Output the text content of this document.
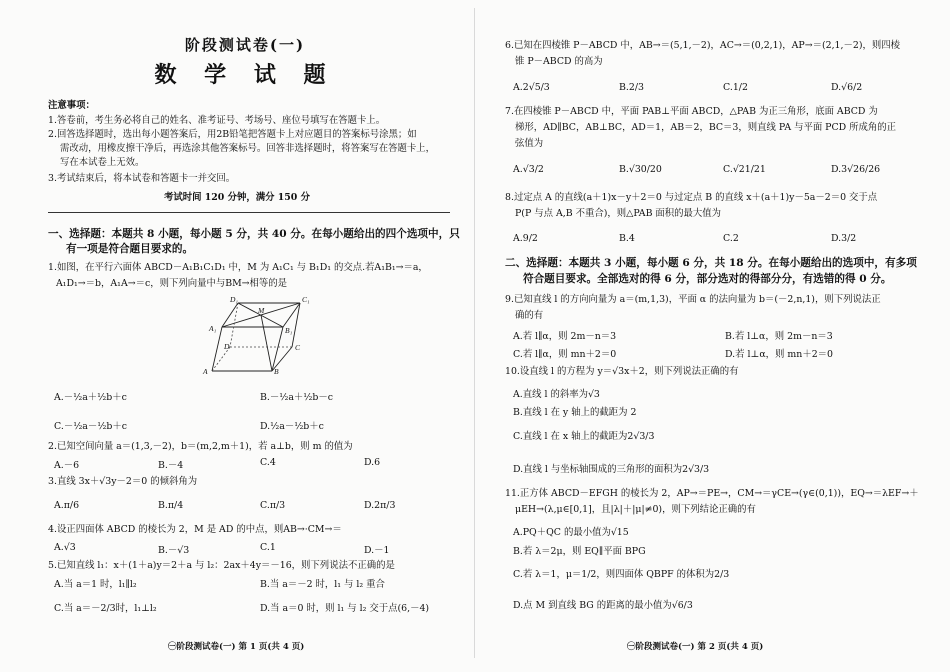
阶段测试卷(一)
数 学 试 题
注意事项：
1.答卷前，考生务必将自己的姓名、准考证号、考场号、座位号填写在答题卡上。
2.回答选择题时，选出每小题答案后，用2B铅笔把答题卡上对应题目的答案标号涂黑；如
需改动，用橡皮擦干净后，再选涂其他答案标号。回答非选择题时，将答案写在答题卡上，
写在本试卷上无效。
3.考试结束后，将本试卷和答题卡一并交回。
考试时间 120 分钟，满分 150 分
一、选择题：本题共 8 小题，每小题 5 分，共 40 分。在每小题给出的四个选项中，只
有一项是符合题目要求的。
1.如图，在平行六面体 ABCD－A₁B₁C₁D₁ 中，M 为 A₁C₁ 与 B₁D₁ 的交点.若A₁B₁→＝a，
A₁D₁→＝b，A₁A→＝c，则下列向量中与BM→相等的是
D₁	C₁
M
A₁	B₁
D	C
A	B
A.－½a＋½b＋c	B.－½a＋½b－c
C.－½a－½b＋c	D.½a－½b＋c
2.已知空间向量 a＝(1,3,－2)，b＝(m,2,m＋1)，若 a⊥b，则 m 的值为
A.－6	B.－4	C.4	D.6
3.直线 3x＋√3y－2＝0 的倾斜角为
A.π/6	B.π/4	C.π/3	D.2π/3
4.设正四面体 ABCD 的棱长为 2，M 是 AD 的中点，则AB→·CM→＝
A.√3	B.－√3	C.1	D.－1
5.已知直线 l₁：x＋(1＋a)y＝2＋a 与 l₂：2ax＋4y＝－16，则下列说法不正确的是
A.当 a＝1 时，l₁∥l₂	B.当 a＝－2 时，l₁ 与 l₂ 重合
C.当 a＝－2/3时，l₁⊥l₂	D.当 a＝0 时，则 l₁ 与 l₂ 交于点(6,－4)
㊀阶段测试卷(一) 第 1 页(共 4 页)
6.已知在四棱锥 P－ABCD 中，AB→＝(5,1,－2)，AC→＝(0,2,1)，AP→＝(2,1,－2)，则四棱
锥 P－ABCD 的高为
A.2√5/3	B.2/3	C.1/2	D.√6/2
7.在四棱锥 P－ABCD 中，平面 PAB⊥平面 ABCD，△PAB 为正三角形，底面 ABCD 为
梯形，AD∥BC，AB⊥BC，AD＝1，AB＝2，BC＝3，则直线 PA 与平面 PCD 所成角的正
弦值为
A.√3/2	B.√30/20	C.√21/21	D.3√26/26
8.过定点 A 的直线(a＋1)x－y＋2＝0 与过定点 B 的直线 x＋(a＋1)y－5a－2＝0 交于点
P(P 与点 A,B 不重合)，则△PAB 面积的最大值为
A.9/2	B.4	C.2	D.3/2
二、选择题：本题共 3 小题，每小题 6 分，共 18 分。在每小题给出的选项中，有多项
符合题目要求。全部选对的得 6 分，部分选对的得部分分，有选错的得 0 分。
9.已知直线 l 的方向向量为 a＝(m,1,3)，平面 α 的法向量为 b＝(－2,n,1)，则下列说法正
确的有
A.若 l∥α，则 2m－n＝3	B.若 l⊥α，则 2m－n＝3
C.若 l∥α，则 mn＋2＝0	D.若 l⊥α，则 mn＋2＝0
10.设直线 l 的方程为 y＝√3x＋2，则下列说法正确的有
A.直线 l 的斜率为√3
B.直线 l 在 y 轴上的截距为 2
C.直线 l 在 x 轴上的截距为2√3/3
D.直线 l 与坐标轴围成的三角形的面积为2√3/3
11.正方体 ABCD－EFGH 的棱长为 2，AP→＝PE→，CM→＝γCE→(γ∈(0,1))，EQ→＝λEF→＋
μEH→(λ,μ∈[0,1]，且|λ|＋|μ|≠0)，则下列结论正确的有
A.PQ＋QC 的最小值为√15
B.若 λ＝2μ，则 EQ∥平面 BPG
C.若 λ＝1，μ＝1/2，则四面体 QBPF 的体积为2/3
D.点 M 到直线 BG 的距离的最小值为√6/3
㊀阶段测试卷(一) 第 2 页(共 4 页)
